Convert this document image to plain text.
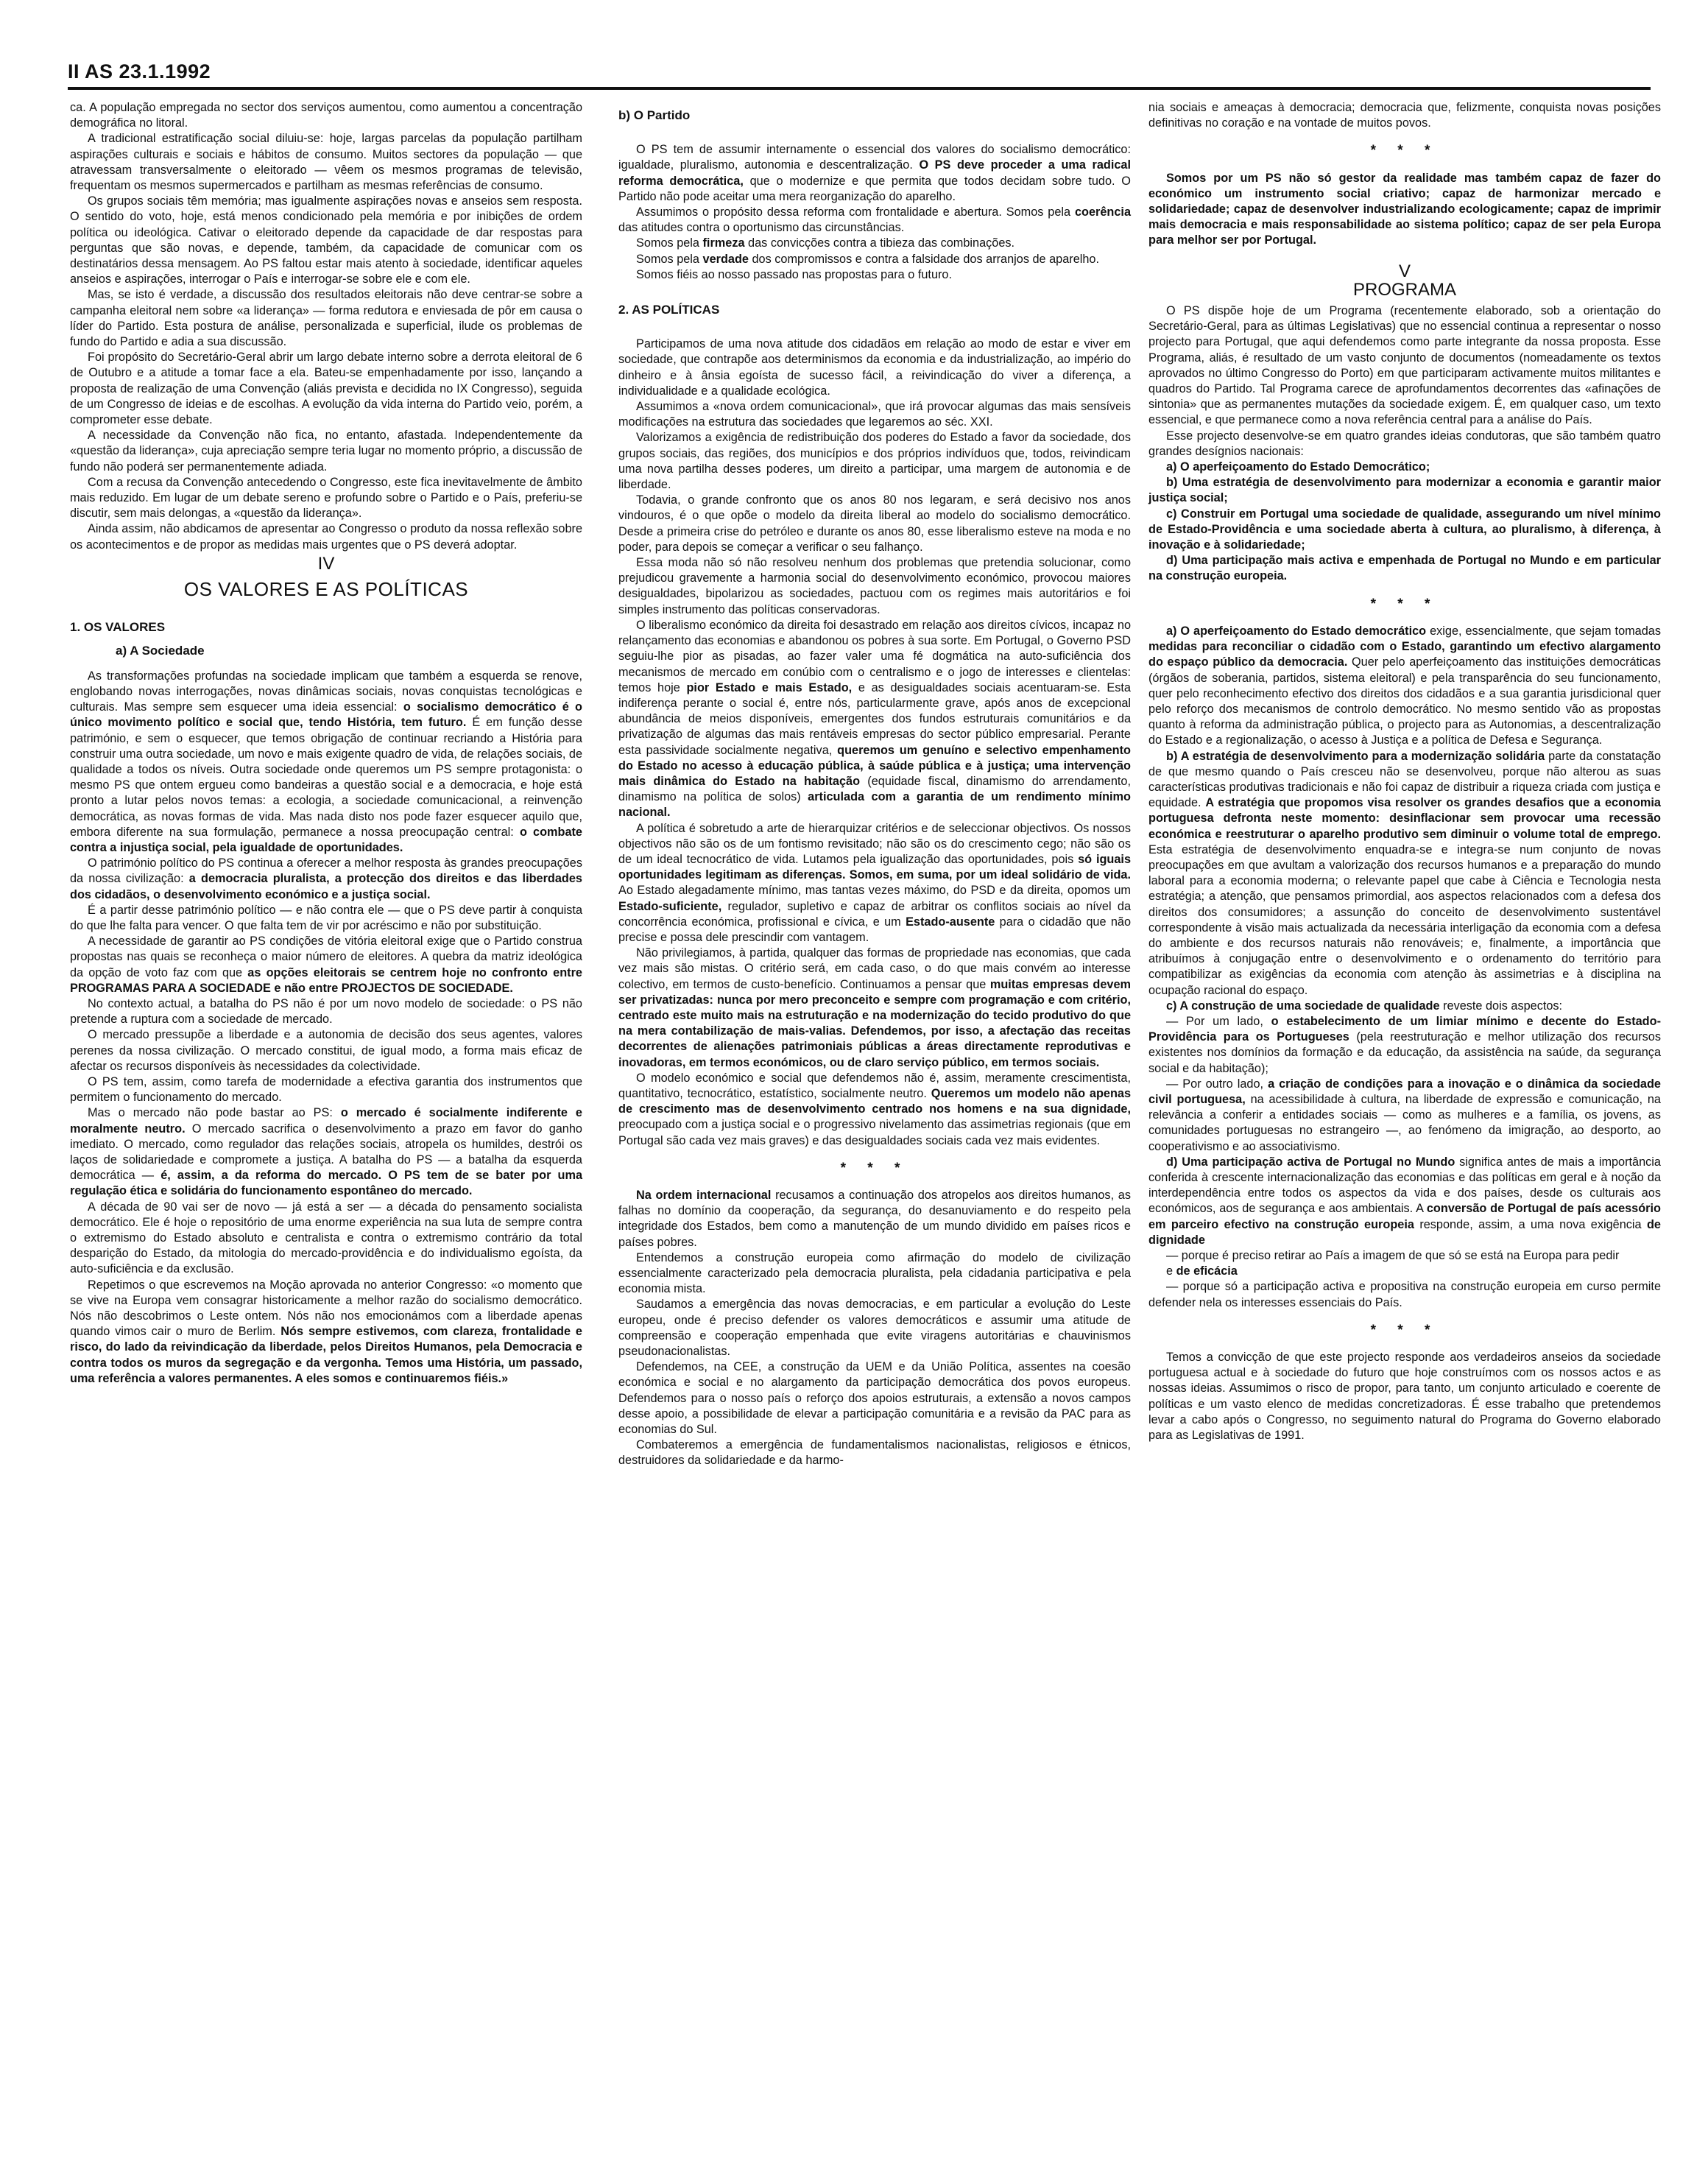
II AS 23.1.1992

ca. A população empregada no sector dos serviços aumentou, como aumentou a concentração demográfica no litoral.

A tradicional estratificação social diluiu-se: hoje, largas parcelas da população partilham aspirações culturais e sociais e hábitos de consumo. Muitos sectores da população — que atravessam transversalmente o eleitorado — vêem os mesmos programas de televisão, frequentam os mesmos supermercados e partilham as mesmas referências de consumo.

Os grupos sociais têm memória; mas igualmente aspirações novas e anseios sem resposta. O sentido do voto, hoje, está menos condicionado pela memória e por inibições de ordem política ou ideológica. Cativar o eleitorado depende da capacidade de dar respostas para perguntas que são novas, e depende, também, da capacidade de comunicar com os destinatários dessa mensagem. Ao PS faltou estar mais atento à sociedade, identificar aqueles anseios e aspirações, interrogar o País e interrogar-se sobre ele e com ele.

Mas, se isto é verdade, a discussão dos resultados eleitorais não deve centrar-se sobre a campanha eleitoral nem sobre «a liderança» — forma redutora e enviesada de pôr em causa o líder do Partido. Esta postura de análise, personalizada e superficial, ilude os problemas de fundo do Partido e adia a sua discussão.

Foi propósito do Secretário-Geral abrir um largo debate interno sobre a derrota eleitoral de 6 de Outubro e a atitude a tomar face a ela. Bateu-se empenhadamente por isso, lançando a proposta de realização de uma Convenção (aliás prevista e decidida no IX Congresso), seguida de um Congresso de ideias e de escolhas. A evolução da vida interna do Partido veio, porém, a comprometer esse debate.

A necessidade da Convenção não fica, no entanto, afastada. Independentemente da «questão da liderança», cuja apreciação sempre teria lugar no momento próprio, a discussão de fundo não poderá ser permanentemente adiada.

Com a recusa da Convenção antecedendo o Congresso, este fica inevitavelmente de âmbito mais reduzido. Em lugar de um debate sereno e profundo sobre o Partido e o País, preferiu-se discutir, sem mais delongas, a «questão da liderança».

Ainda assim, não abdicamos de apresentar ao Congresso o produto da nossa reflexão sobre os acontecimentos e de propor as medidas mais urgentes que o PS deverá adoptar.

IV
OS VALORES E AS POLÍTICAS
1. OS VALORES
a) A Sociedade

As transformações profundas na sociedade implicam que também a esquerda se renove, englobando novas interrogações, novas dinâmicas sociais, novas conquistas tecnológicas e culturais. Mas sempre sem esquecer uma ideia essencial: o socialismo democrático é o único movimento político e social que, tendo História, tem futuro. É em função desse património, e sem o esquecer, que temos obrigação de continuar recriando a História para construir uma outra sociedade, um novo e mais exigente quadro de vida, de relações sociais, de qualidade a todos os níveis. Outra sociedade onde queremos um PS sempre protagonista: o mesmo PS que ontem ergueu como bandeiras a questão social e a democracia, e hoje está pronto a lutar pelos novos temas: a ecologia, a sociedade comunicacional, a reinvenção democrática, as novas formas de vida. Mas nada disto nos pode fazer esquecer aquilo que, embora diferente na sua formulação, permanece a nossa preocupação central: o combate contra a injustiça social, pela igualdade de oportunidades.

O património político do PS continua a oferecer a melhor resposta às grandes preocupações da nossa civilização: a democracia pluralista, a protecção dos direitos e das liberdades dos cidadãos, o desenvolvimento económico e a justiça social.

É a partir desse património político — e não contra ele — que o PS deve partir à conquista do que lhe falta para vencer. O que falta tem de vir por acréscimo e não por substituição.

A necessidade de garantir ao PS condições de vitória eleitoral exige que o Partido construa propostas nas quais se reconheça o maior número de eleitores. A quebra da matriz ideológica da opção de voto faz com que as opções eleitorais se centrem hoje no confronto entre PROGRAMAS PARA A SOCIEDADE e não entre PROJECTOS DE SOCIEDADE.

No contexto actual, a batalha do PS não é por um novo modelo de sociedade: o PS não pretende a ruptura com a sociedade de mercado.

O mercado pressupõe a liberdade e a autonomia de decisão dos seus agentes, valores perenes da nossa civilização. O mercado constitui, de igual modo, a forma mais eficaz de afectar os recursos disponíveis às necessidades da colectividade.

O PS tem, assim, como tarefa de modernidade a efectiva garantia dos instrumentos que permitem o funcionamento do mercado.

Mas o mercado não pode bastar ao PS: o mercado é socialmente indiferente e moralmente neutro. O mercado sacrifica o desenvolvimento a prazo em favor do ganho imediato. O mercado, como regulador das relações sociais, atropela os humildes, destrói os laços de solidariedade e compromete a justiça. A batalha do PS — a batalha da esquerda democrática — é, assim, a da reforma do mercado. O PS tem de se bater por uma regulação ética e solidária do funcionamento espontâneo do mercado.

A década de 90 vai ser de novo — já está a ser — a década do pensamento socialista democrático. Ele é hoje o repositório de uma enorme experiência na sua luta de sempre contra o extremismo do Estado absoluto e centralista e contra o extremismo contrário da total desparição do Estado, da mitologia do mercado-providência e do individualismo egoísta, da auto-suficiência e da exclusão.

Repetimos o que escrevemos na Moção aprovada no anterior Congresso: «o momento que se vive na Europa vem consagrar historicamente a melhor razão do socialismo democrático. Nós não descobrimos o Leste ontem. Nós não nos emocionámos com a liberdade apenas quando vimos cair o muro de Berlim. Nós sempre estivemos, com clareza, frontalidade e risco, do lado da reivindicação da liberdade, pelos Direitos Humanos, pela Democracia e contra todos os muros da segregação e da vergonha. Temos uma História, um passado, uma referência a valores permanentes. A eles somos e continuaremos fiéis.»

b) O Partido

O PS tem de assumir internamente o essencial dos valores do socialismo democrático: igualdade, pluralismo, autonomia e descentralização. O PS deve proceder a uma radical reforma democrática, que o modernize e que permita que todos decidam sobre tudo. O Partido não pode aceitar uma mera reorganização do aparelho.

Assumimos o propósito dessa reforma com frontalidade e abertura. Somos pela coerência das atitudes contra o oportunismo das circunstâncias.

Somos pela firmeza das convicções contra a tibieza das combinações.

Somos pela verdade dos compromissos e contra a falsidade dos arranjos de aparelho.

Somos fiéis ao nosso passado nas propostas para o futuro.

2. AS POLÍTICAS

Participamos de uma nova atitude dos cidadãos em relação ao modo de estar e viver em sociedade, que contrapõe aos determinismos da economia e da industrialização, ao império do dinheiro e à ânsia egoísta de sucesso fácil, a reivindicação do viver a diferença, a individualidade e a qualidade ecológica.

Assumimos a «nova ordem comunicacional», que irá provocar algumas das mais sensíveis modificações na estrutura das sociedades que legaremos ao séc. XXI.

Valorizamos a exigência de redistribuição dos poderes do Estado a favor da sociedade, dos grupos sociais, das regiões, dos municípios e dos próprios indivíduos que, todos, reivindicam uma nova partilha desses poderes, um direito a participar, uma margem de autonomia e de liberdade.

Todavia, o grande confronto que os anos 80 nos legaram, e será decisivo nos anos vindouros, é o que opõe o modelo da direita liberal ao modelo do socialismo democrático. Desde a primeira crise do petróleo e durante os anos 80, esse liberalismo esteve na moda e no poder, para depois se começar a verificar o seu falhanço.

Essa moda não só não resolveu nenhum dos problemas que pretendia solucionar, como prejudicou gravemente a harmonia social do desenvolvimento económico, provocou maiores desigualdades, bipolarizou as sociedades, pactuou com os regimes mais autoritários e foi simples instrumento das políticas conservadoras.

O liberalismo económico da direita foi desastrado em relação aos direitos cívicos, incapaz no relançamento das economias e abandonou os pobres à sua sorte. Em Portugal, o Governo PSD seguiu-lhe pior as pisadas, ao fazer valer uma fé dogmática na auto-suficiência dos mecanismos de mercado em conúbio com o centralismo e o jogo de interesses e clientelas: temos hoje pior Estado e mais Estado, e as desigualdades sociais acentuaram-se. Esta indiferença perante o social é, entre nós, particularmente grave, após anos de excepcional abundância de meios disponíveis, emergentes dos fundos estruturais comunitários e da privatização de algumas das mais rentáveis empresas do sector público empresarial. Perante esta passividade socialmente negativa, queremos um genuíno e selectivo empenhamento do Estado no acesso à educação pública, à saúde pública e à justiça; uma intervenção mais dinâmica do Estado na habitação (equidade fiscal, dinamismo do arrendamento, dinamismo na política de solos) articulada com a garantia de um rendimento mínimo nacional.

A política é sobretudo a arte de hierarquizar critérios e de seleccionar objectivos. Os nossos objectivos não são os de um fontismo revisitado; não são os do crescimento cego; não são os de um ideal tecnocrático de vida. Lutamos pela igualização das oportunidades, pois só iguais oportunidades legitimam as diferenças. Somos, em suma, por um ideal solidário de vida. Ao Estado alegadamente mínimo, mas tantas vezes máximo, do PSD e da direita, opomos um Estado-suficiente, regulador, supletivo e capaz de arbitrar os conflitos sociais ao nível da concorrência económica, profissional e cívica, e um Estado-ausente para o cidadão que não precise e possa dele prescindir com vantagem.

Não privilegiamos, à partida, qualquer das formas de propriedade nas economias, que cada vez mais são mistas. O critério será, em cada caso, o do que mais convém ao interesse colectivo, em termos de custo-benefício. Continuamos a pensar que muitas empresas devem ser privatizadas: nunca por mero preconceito e sempre com programação e com critério, centrado este muito mais na estruturação e na modernização do tecido produtivo do que na mera contabilização de mais-valias. Defendemos, por isso, a afectação das receitas decorrentes de alienações patrimoniais públicas a áreas directamente reprodutivas e inovadoras, em termos económicos, ou de claro serviço público, em termos sociais.

O modelo económico e social que defendemos não é, assim, meramente crescimentista, quantitativo, tecnocrático, estatístico, socialmente neutro. Queremos um modelo não apenas de crescimento mas de desenvolvimento centrado nos homens e na sua dignidade, preocupado com a justiça social e o progressivo nivelamento das assimetrias regionais (que em Portugal são cada vez mais graves) e das desigualdades sociais cada vez mais evidentes.

* * *

Na ordem internacional recusamos a continuação dos atropelos aos direitos humanos, as falhas no domínio da cooperação, da segurança, do desanuviamento e do respeito pela integridade dos Estados, bem como a manutenção de um mundo dividido em países ricos e países pobres.

Entendemos a construção europeia como afirmação do modelo de civilização essencialmente caracterizado pela democracia pluralista, pela cidadania participativa e pela economia mista.

Saudamos a emergência das novas democracias, e em particular a evolução do Leste europeu, onde é preciso defender os valores democráticos e assumir uma atitude de compreensão e cooperação empenhada que evite viragens autoritárias e chauvinismos pseudonacionalistas.

Defendemos, na CEE, a construção da UEM e da União Política, assentes na coesão económica e social e no alargamento da participação democrática dos povos europeus. Defendemos para o nosso país o reforço dos apoios estruturais, a extensão a novos campos desse apoio, a possibilidade de elevar a participação comunitária e a revisão da PAC para as economias do Sul.

Combateremos a emergência de fundamentalismos nacionalistas, religiosos e étnicos, destruidores da solidariedade e da harmo-

nia sociais e ameaças à democracia; democracia que, felizmente, conquista novas posições definitivas no coração e na vontade de muitos povos.

* * *

Somos por um PS não só gestor da realidade mas também capaz de fazer do económico um instrumento social criativo; capaz de harmonizar mercado e solidariedade; capaz de desenvolver industrializando ecologicamente; capaz de imprimir mais democracia e mais responsabilidade ao sistema político; capaz de ser pela Europa para melhor ser por Portugal.

V
PROGRAMA

O PS dispõe hoje de um Programa (recentemente elaborado, sob a orientação do Secretário-Geral, para as últimas Legislativas) que no essencial continua a representar o nosso projecto para Portugal, que aqui defendemos como parte integrante da nossa proposta. Esse Programa, aliás, é resultado de um vasto conjunto de documentos (nomeadamente os textos aprovados no último Congresso do Porto) em que participaram activamente muitos militantes e quadros do Partido. Tal Programa carece de aprofundamentos decorrentes das «afinações de sintonia» que as permanentes mutações da sociedade exigem. É, em qualquer caso, um texto essencial, e que permanece como a nova referência central para a análise do País.

Esse projecto desenvolve-se em quatro grandes ideias condutoras, que são também quatro grandes desígnios nacionais:

a) O aperfeiçoamento do Estado Democrático;

b) Uma estratégia de desenvolvimento para modernizar a economia e garantir maior justiça social;

c) Construir em Portugal uma sociedade de qualidade, assegurando um nível mínimo de Estado-Providência e uma sociedade aberta à cultura, ao pluralismo, à diferença, à inovação e à solidariedade;

d) Uma participação mais activa e empenhada de Portugal no Mundo e em particular na construção europeia.

* * *

a) O aperfeiçoamento do Estado democrático exige, essencialmente, que sejam tomadas medidas para reconciliar o cidadão com o Estado, garantindo um efectivo alargamento do espaço público da democracia. Quer pelo aperfeiçoamento das instituições democráticas (órgãos de soberania, partidos, sistema eleitoral) e pela transparência do seu funcionamento, quer pelo reconhecimento efectivo dos direitos dos cidadãos e a sua garantia jurisdicional quer pelo reforço dos mecanismos de controlo democrático. No mesmo sentido vão as propostas quanto à reforma da administração pública, o projecto para as Autonomias, a descentralização do Estado e a regionalização, o acesso à Justiça e a política de Defesa e Segurança.

b) A estratégia de desenvolvimento para a modernização solidária parte da constatação de que mesmo quando o País cresceu não se desenvolveu, porque não alterou as suas características produtivas tradicionais e não foi capaz de distribuir a riqueza criada com justiça e equidade. A estratégia que propomos visa resolver os grandes desafios que a economia portuguesa defronta neste momento: desinflacionar sem provocar uma recessão económica e reestruturar o aparelho produtivo sem diminuir o volume total de emprego. Esta estratégia de desenvolvimento enquadra-se e integra-se num conjunto de novas preocupações em que avultam a valorização dos recursos humanos e a preparação do mundo laboral para a economia moderna; o relevante papel que cabe à Ciência e Tecnologia nesta estratégia; a atenção, que pensamos primordial, aos aspectos relacionados com a defesa dos direitos dos consumidores; a assunção do conceito de desenvolvimento sustentável correspondente à visão mais actualizada da necessária interligação da economia com a defesa do ambiente e dos recursos naturais não renováveis; e, finalmente, a importância que atribuímos à conjugação entre o desenvolvimento e o ordenamento do território para compatibilizar as exigências da economia com atenção às assimetrias e à disciplina na ocupação racional do espaço.

c) A construção de uma sociedade de qualidade reveste dois aspectos:

— Por um lado, o estabelecimento de um limiar mínimo e decente do Estado-Providência para os Portugueses (pela reestruturação e melhor utilização dos recursos existentes nos domínios da formação e da educação, da assistência na saúde, da segurança social e da habitação);

— Por outro lado, a criação de condições para a inovação e o dinâmica da sociedade civil portuguesa, na acessibilidade à cultura, na liberdade de expressão e comunicação, na relevância a conferir a entidades sociais — como as mulheres e a família, os jovens, as comunidades portuguesas no estrangeiro —, ao fenómeno da imigração, ao desporto, ao cooperativismo e ao associativismo.

d) Uma participação activa de Portugal no Mundo significa antes de mais a importância conferida à crescente internacionalização das economias e das políticas em geral e à noção da interdependência entre todos os aspectos da vida e dos países, desde os culturais aos económicos, aos de segurança e aos ambientais. A conversão de Portugal de país acessório em parceiro efectivo na construção europeia responde, assim, a uma nova exigência de dignidade

— porque é preciso retirar ao País a imagem de que só se está na Europa para pedir

e de eficácia

— porque só a participação activa e propositiva na construção europeia em curso permite defender nela os interesses essenciais do País.

* * *

Temos a convicção de que este projecto responde aos verdadeiros anseios da sociedade portuguesa actual e à sociedade do futuro que hoje construímos com os nossos actos e as nossas ideias. Assumimos o risco de propor, para tanto, um conjunto articulado e coerente de políticas e um vasto elenco de medidas concretizadoras. É esse trabalho que pretendemos levar a cabo após o Congresso, no seguimento natural do Programa do Governo elaborado para as Legislativas de 1991.
